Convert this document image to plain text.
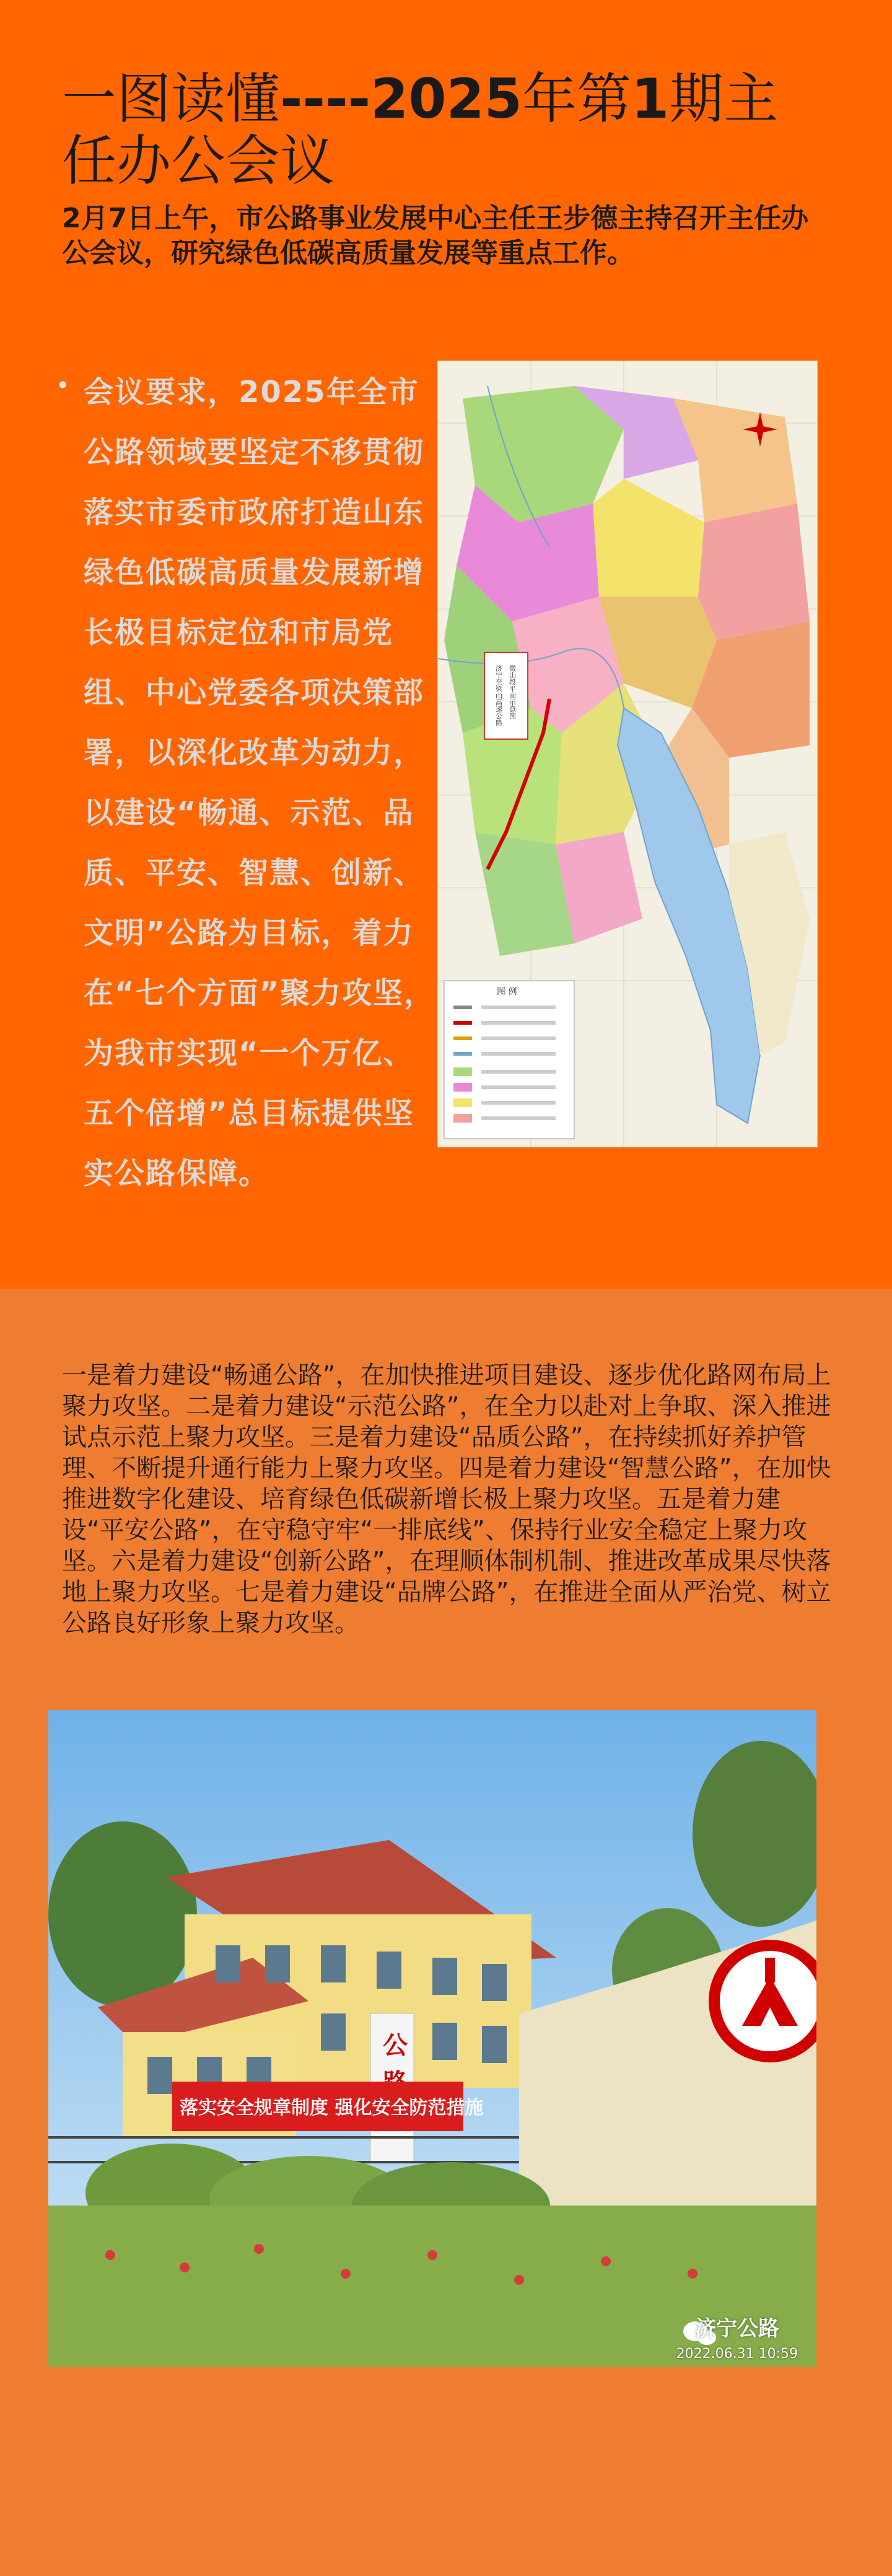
一图读懂----2025年第1期主任办公会议

2月7日上午，市公路事业发展中心主任王步德主持召开主任办公会议，研究绿色低碳高质量发展等重点工作。

• 会议要求，2025年全市公路领域要坚定不移贯彻落实市委市政府打造山东绿色低碳高质量发展新增长极目标定位和市局党组、中心党委各项决策部署，以深化改革为动力，以建设“畅通、示范、品质、平安、智慧、创新、文明”公路为目标，着力在“七个方面”聚力攻坚，为我市实现“一个万亿、五个倍增”总目标提供坚实公路保障。

济宁至梁山高速公路 微山段平面示意图
图 例

一是着力建设“畅通公路”，在加快推进项目建设、逐步优化路网布局上聚力攻坚。二是着力建设“示范公路”，在全力以赴对上争取、深入推进试点示范上聚力攻坚。三是着力建设“品质公路”，在持续抓好养护管理、不断提升通行能力上聚力攻坚。四是着力建设“智慧公路”，在加快推进数字化建设、培育绿色低碳新增长极上聚力攻坚。五是着力建设“平安公路”，在守稳守牢“一排底线”、保持行业安全稳定上聚力攻坚。六是着力建设“创新公路”，在理顺体制机制、推进改革成果尽快落地上聚力攻坚。七是着力建设“品牌公路”，在推进全面从严治党、树立公路良好形象上聚力攻坚。

公
落实安全规章制度 强化安全防范措施
济宁公路
2022.06.31 10:59
